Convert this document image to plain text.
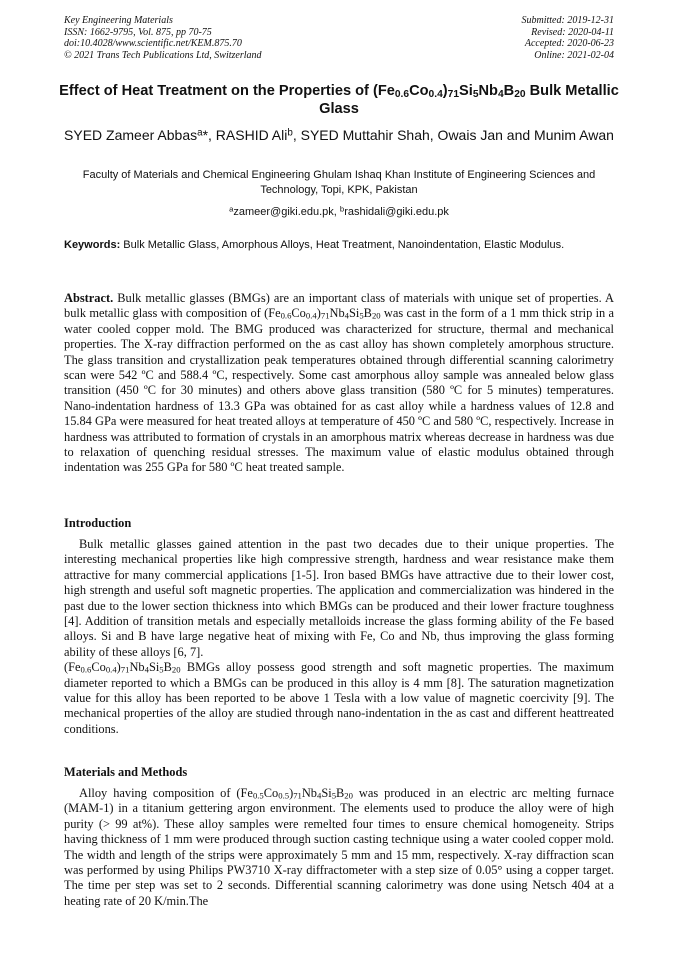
Key Engineering Materials
ISSN: 1662-9795, Vol. 875, pp 70-75
doi:10.4028/www.scientific.net/KEM.875.70
© 2021 Trans Tech Publications Ltd, Switzerland
Submitted: 2019-12-31
Revised: 2020-04-11
Accepted: 2020-06-23
Online: 2021-02-04
Effect of Heat Treatment on the Properties of $(Fe_{0.6}Co_{0.4})_{71}Si_5Nb_4B_{20}$ Bulk Metallic Glass
SYED Zameer Abbas$^a$*, RASHID Ali$^b$, SYED Muttahir Shah, Owais Jan and Munim Awan
Faculty of Materials and Chemical Engineering Ghulam Ishaq Khan Institute of Engineering Sciences and Technology, Topi, KPK, Pakistan
$^a$zameer@giki.edu.pk, $^b$rashidali@giki.edu.pk
Keywords: Bulk Metallic Glass, Amorphous Alloys, Heat Treatment, Nanoindentation, Elastic Modulus.

Abstract. Bulk metallic glasses (BMGs) are an important class of materials with unique set of properties. A bulk metallic glass with composition of $(Fe_{0.6}Co_{0.4})_{71}Nb_4Si_5B_{20}$ was cast in the form of a 1 mm thick strip in a water cooled copper mold. The BMG produced was characterized for structure, thermal and mechanical properties. The X-ray diffraction performed on the as cast alloy has shown completely amorphous structure. The glass transition and crystallization peak temperatures obtained through differential scanning calorimetry scan were 542 ºC and 588.4 ºC, respectively. Some cast amorphous alloy sample was annealed below glass transition (450 ºC for 30 minutes) and others above glass transition (580 ºC for 5 minutes) temperatures. Nano-indentation hardness of 13.3 GPa was obtained for as cast alloy while a hardness values of 12.8 and 15.84 GPa were measured for heat treated alloys at temperature of 450 ºC and 580 ºC, respectively. Increase in hardness was attributed to formation of crystals in an amorphous matrix whereas decrease in hardness was due to relaxation of quenching residual stresses. The maximum value of elastic modulus obtained through indentation was 255 GPa for 580 ºC heat treated sample.

Introduction

Bulk metallic glasses gained attention in the past two decades due to their unique properties. The interesting mechanical properties like high compressive strength, hardness and wear resistance make them attractive for many commercial applications [1-5]. Iron based BMGs have attractive due to their lower cost, high strength and useful soft magnetic properties. The application and commercialization was hindered in the past due to the lower section thickness into which BMGs can be produced and their lower fracture toughness [4]. Addition of transition metals and especially metalloids increase the glass forming ability of the Fe based alloys. Si and B have large negative heat of mixing with Fe, Co and Nb, thus improving the glass forming ability of these alloys [6, 7].

$(Fe_{0.6}Co_{0.4})_{71}Nb_4Si_5B_{20}$ BMGs alloy possess good strength and soft magnetic properties. The maximum diameter reported to which a BMGs can be produced in this alloy is 4 mm [8]. The saturation magnetization value for this alloy has been reported to be above 1 Tesla with a low value of magnetic coercivity [9]. The mechanical properties of the alloy are studied through nano-indentation in the as cast and different heattreated conditions.

Materials and Methods

Alloy having composition of $(Fe_{0.5}Co_{0.5})_{71}Nb_4Si_5B_{20}$ was produced in an electric arc melting furnace (MAM-1) in a titanium gettering argon environment. The elements used to produce the alloy were of high purity (> 99 at%). These alloy samples were remelted four times to ensure chemical homogeneity. Strips having thickness of 1 mm were produced through suction casting technique using a water cooled copper mold. The width and length of the strips were approximately 5 mm and 15 mm, respectively. X-ray diffraction scan was performed by using Philips PW3710 X-ray diffractometer with a step size of 0.05° using a copper target. The time per step was set to 2 seconds. Differential scanning calorimetry was done using Netsch 404 at a heating rate of 20 K/min.The
